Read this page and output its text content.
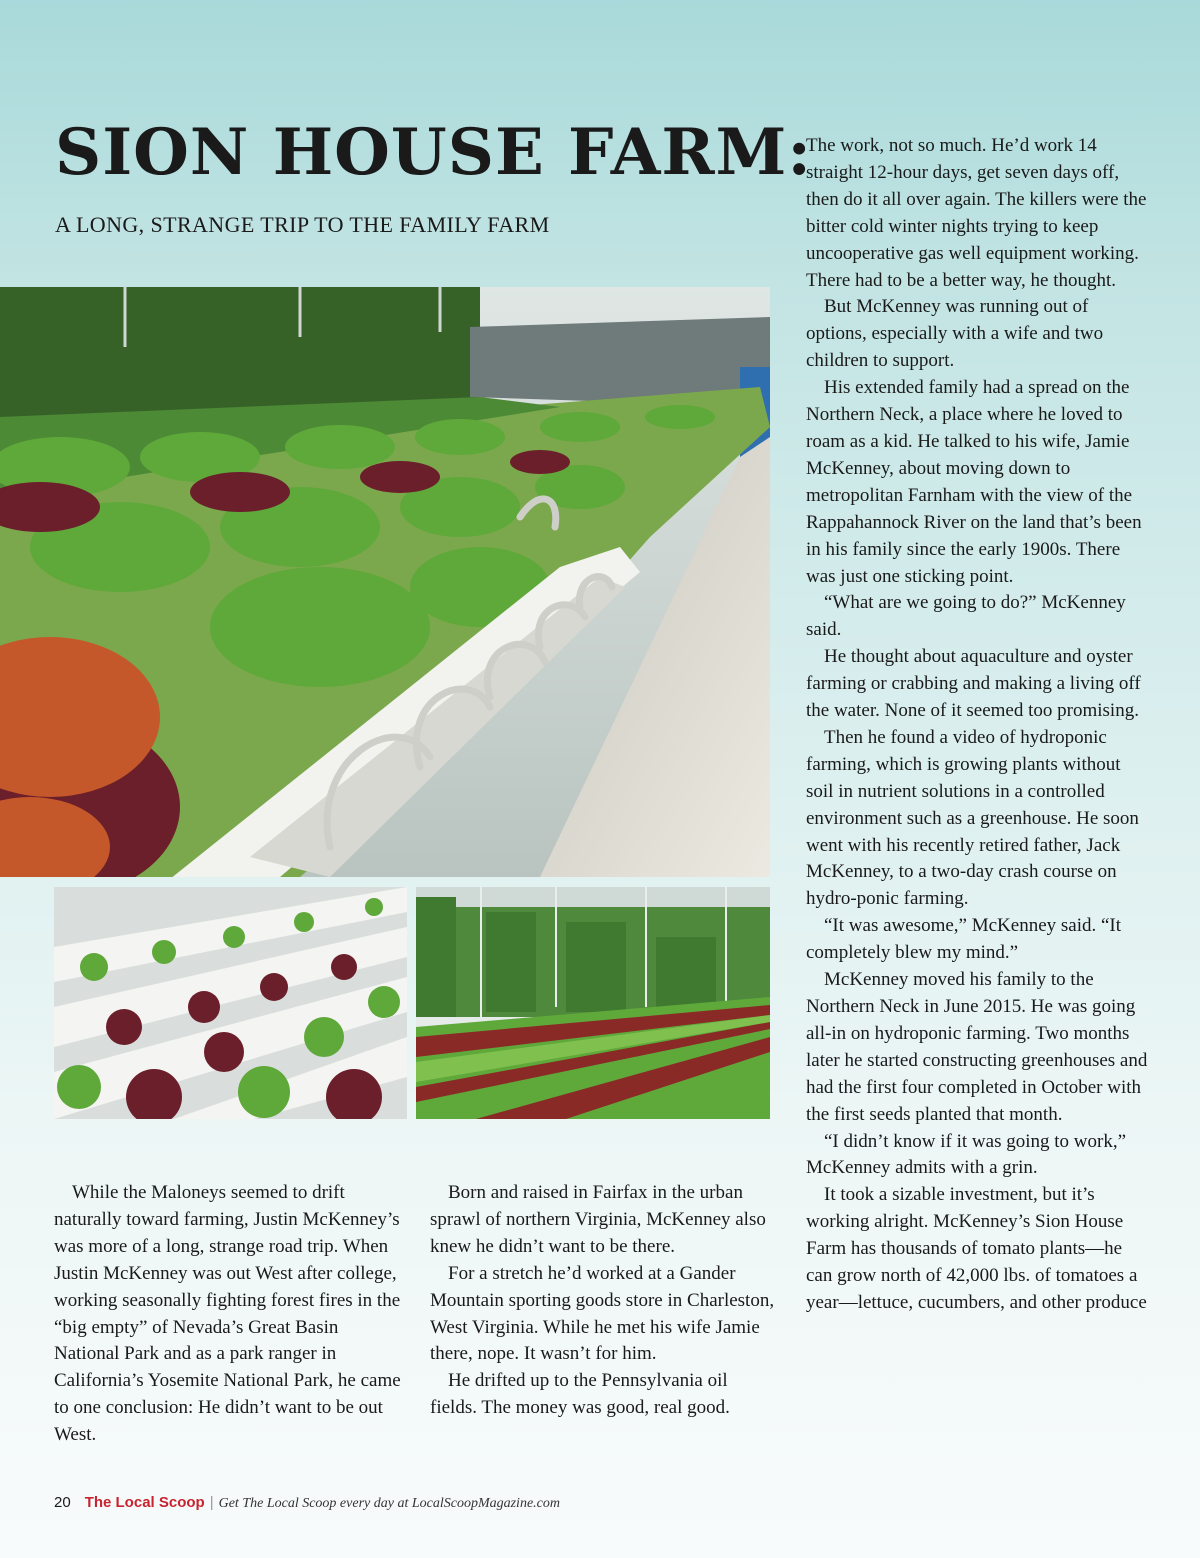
SION HOUSE FARM:
A LONG, STRANGE TRIP TO THE FAMILY FARM

While the Maloneys seemed to drift naturally toward farming, Justin McKenney’s was more of a long, strange road trip. When Justin McKenney was out West after college, working seasonally fighting forest fires in the “big empty” of Nevada’s Great Basin National Park and as a park ranger in California’s Yosemite National Park, he came to one conclusion: He didn’t want to be out West.

Born and raised in Fairfax in the urban sprawl of northern Virginia, McKenney also knew he didn’t want to be there.

For a stretch he’d worked at a Gander Mountain sporting goods store in Charleston, West Virginia. While he met his wife Jamie there, nope. It wasn’t for him.

He drifted up to the Pennsylvania oil fields. The money was good, real good.

The work, not so much. He’d work 14 straight 12-hour days, get seven days off, then do it all over again. The killers were the bitter cold winter nights trying to keep uncooperative gas well equipment working. There had to be a better way, he thought.

But McKenney was running out of options, especially with a wife and two children to support.

His extended family had a spread on the Northern Neck, a place where he loved to roam as a kid. He talked to his wife, Jamie McKenney, about moving down to metropolitan Farnham with the view of the Rappahannock River on the land that’s been in his family since the early 1900s. There was just one sticking point.

“What are we going to do?” McKenney said.

He thought about aquaculture and oyster farming or crabbing and making a living off the water. None of it seemed too promising.

Then he found a video of hydroponic farming, which is growing plants without soil in nutrient solutions in a controlled environment such as a greenhouse. He soon went with his recently retired father, Jack McKenney, to a two-day crash course on hydro-ponic farming.

“It was awesome,” McKenney said. “It completely blew my mind.”

McKenney moved his family to the Northern Neck in June 2015. He was going all-in on hydroponic farming. Two months later he started constructing greenhouses and had the first four completed in October with the first seeds planted that month.

“I didn’t know if it was going to work,” McKenney admits with a grin.

It took a sizable investment, but it’s working alright. McKenney’s Sion House Farm has thousands of tomato plants—he can grow north of 42,000 lbs. of tomatoes a year—lettuce, cucumbers, and other produce

20 The Local Scoop | Get The Local Scoop every day at LocalScoopMagazine.com
